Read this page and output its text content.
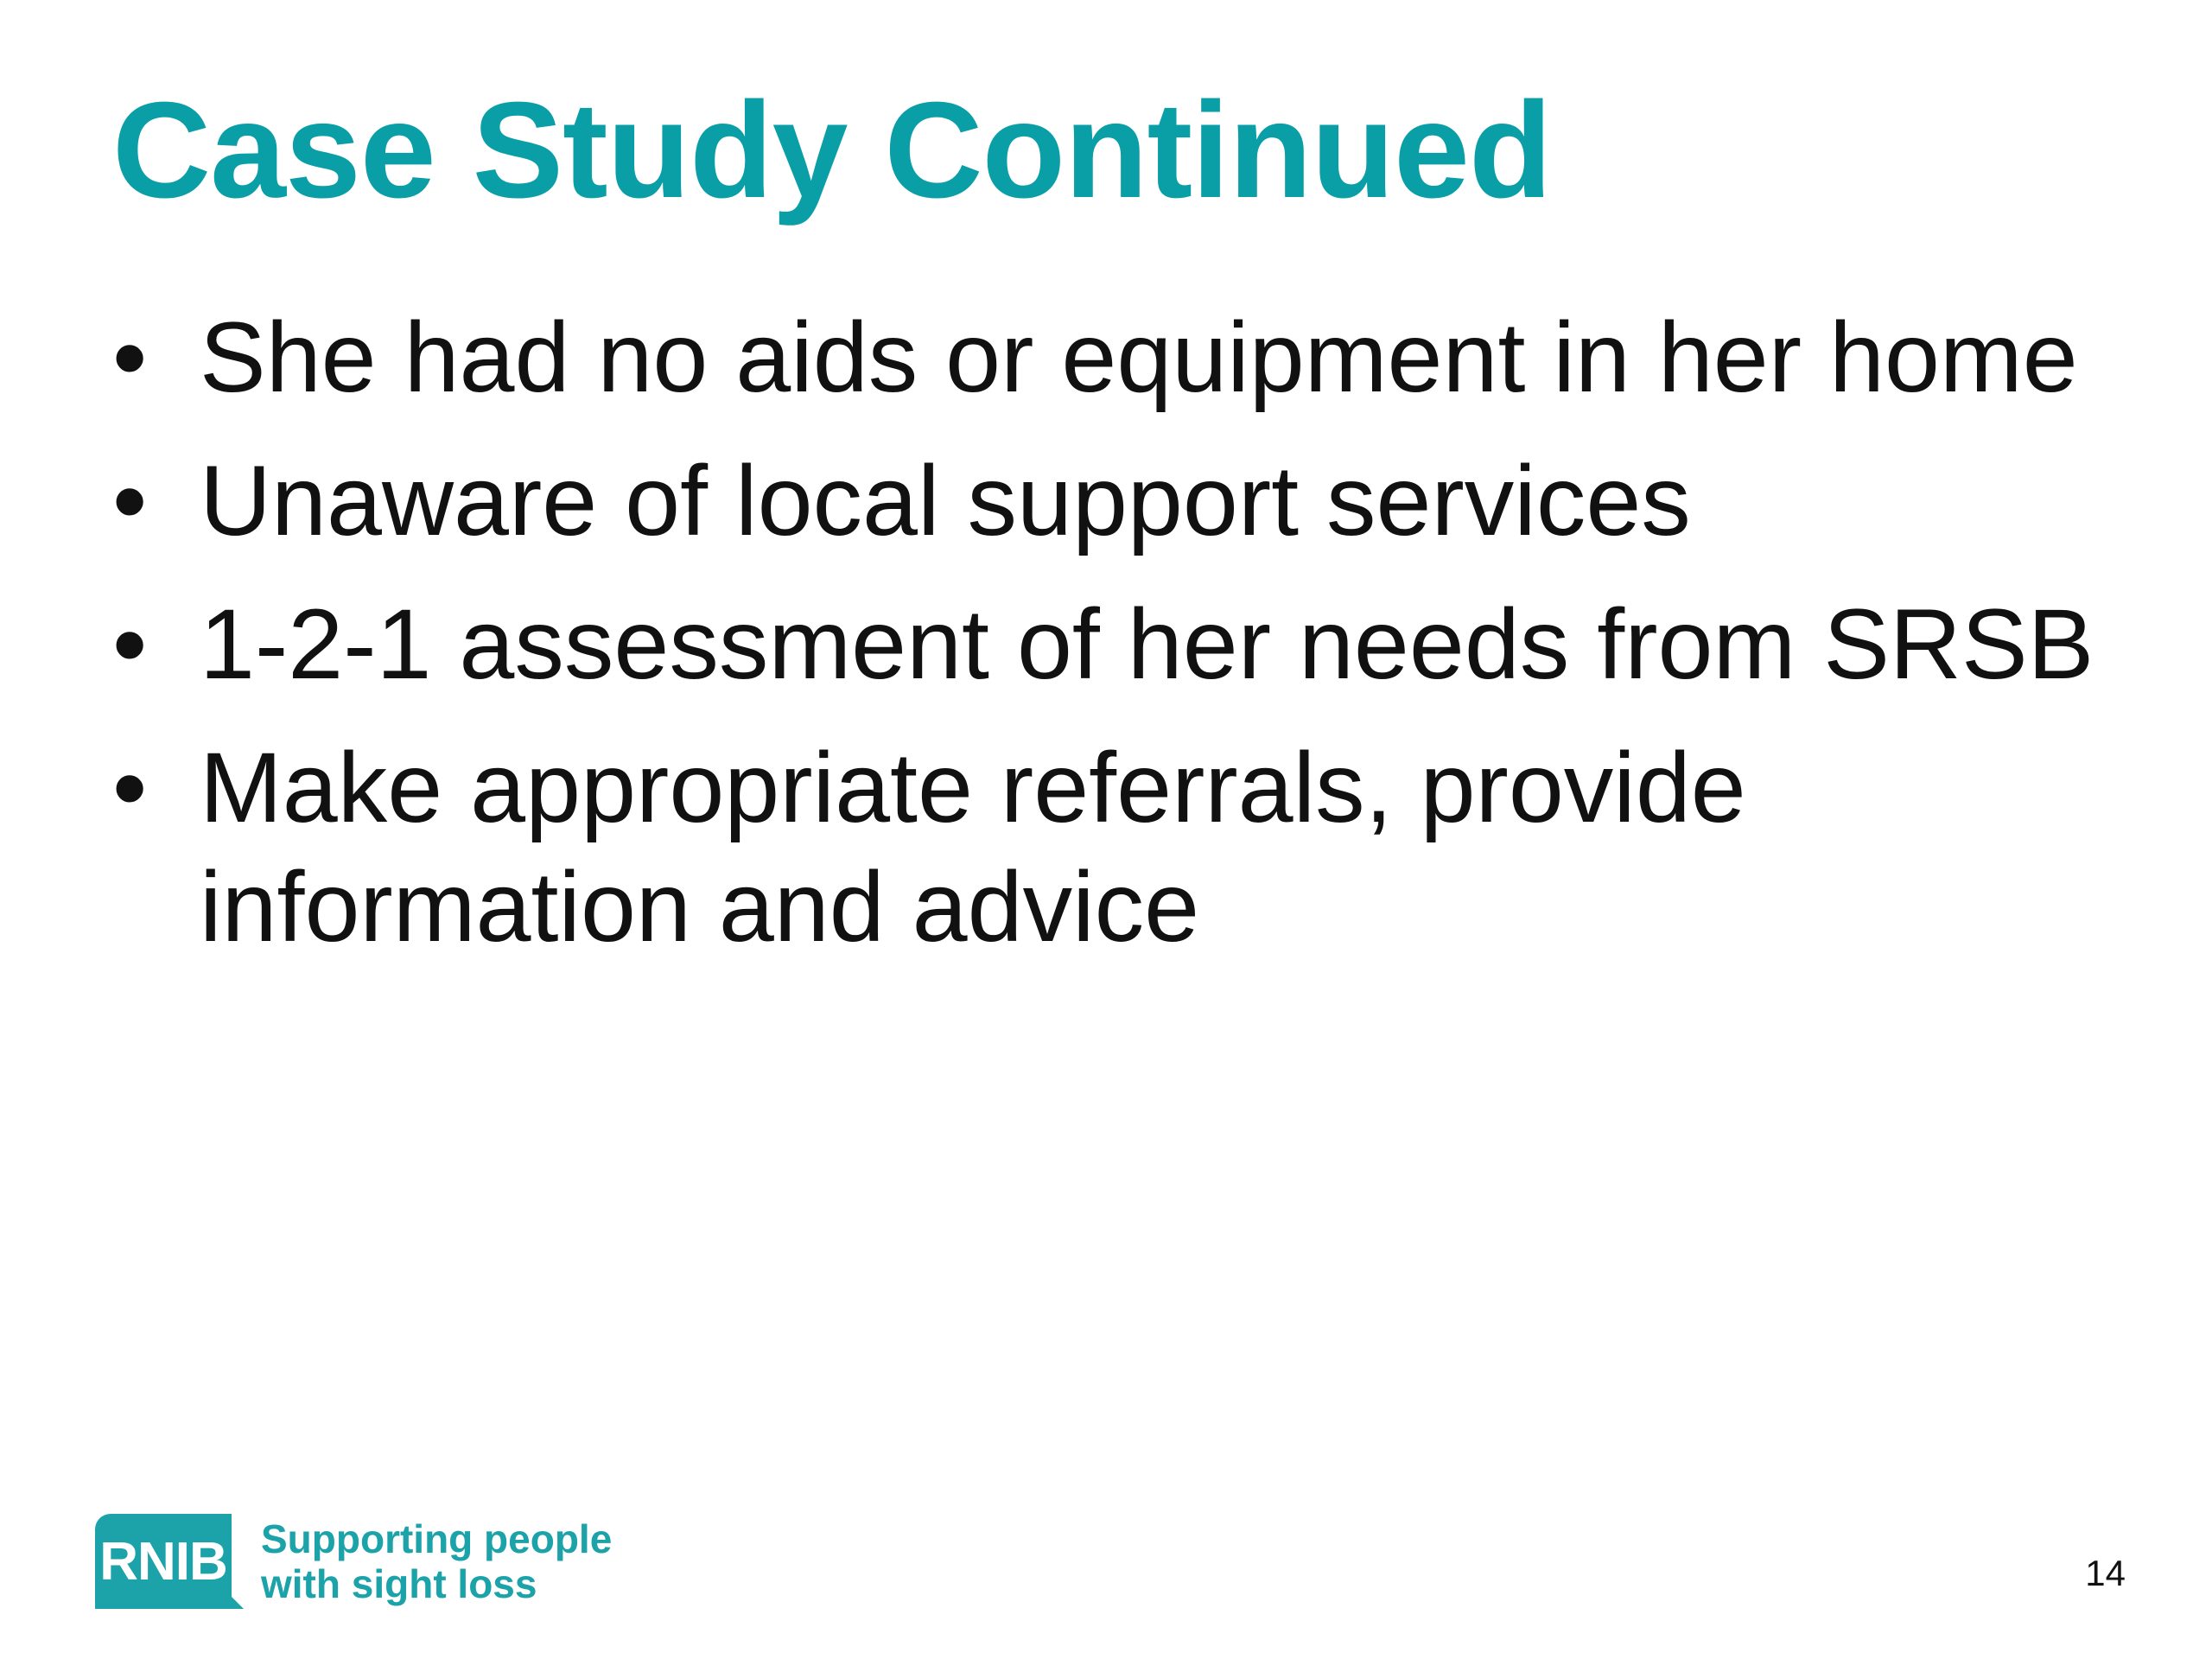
Case Study Continued
• She had no aids or equipment in her home
• Unaware of local support services
• 1-2-1 assessment of her needs from SRSB
• Make appropriate referrals, provide information and advice
RNIB Supporting people
with sight loss	14
